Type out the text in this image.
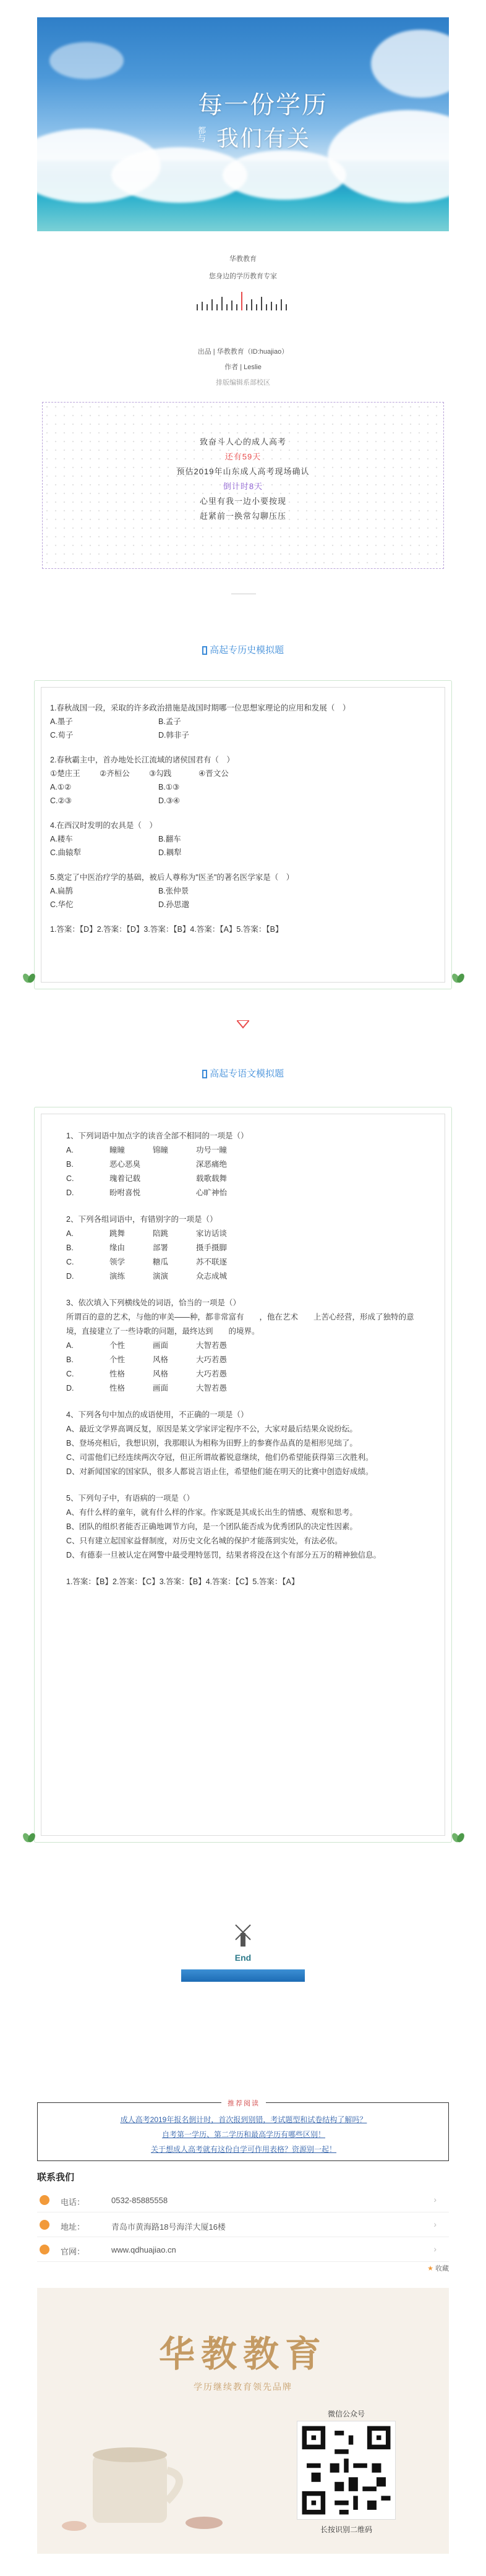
每一份学历
都与 我们有关
华教教育
您身边的学历教育专家
出品 | 华教教育（ID:huajiao）
作者 | Leslie
排版编辑系部校区
致奋斗人心的成人高考
还有59天
预估2019年山东成人高考现场确认
倒计时8天
心里有我一边小要按现
赶紧前一换常勾聊压压
高起专历史模拟题
1.春秋战国一段，采取的许多政治措施是战国时期哪一位思想家理论的应用和发展（　）
A.墨子	B.孟子
C.荀子	D.韩非子
2.春秋霸主中，首办地处长江流域的诸侯国君有（　）
①楚庄王	②齐桓公	③勾践	④晋文公
A.①②	B.①③
C.②③	D.③④
4.在西汉时发明的农具是（　）
A.耧车	B.翻车
C.曲辕犁	D.耦犁
5.奠定了中医治疗学的基础，被后人尊称为"医圣"的著名医学家是（　）
A.扁鹊	B.张仲景
C.华佗	D.孙思邈
1.答案：【D】2.答案：【D】3.答案：【B】4.答案：【A】5.答案：【B】
高起专语文模拟题
1、下列词语中加点字的读音全部不相同的一项是（）
A.	瞳瞳	锦瞳	功号一瞳
B.	恶心恶臭	深恶痛绝
C.	瑰着记载	载歌载舞
D.	盼咐喜悦	心旷神怡
2、下列各组词语中，有错别字的一项是（）
A.	跳舞	陪跳	家访话谈
B.	缘由	部署	摄手摄脚
C.	领学	糖瓜	苏不联逐
D.	演练	演演	众志成城
3、依次填入下列横线处的词语，恰当的一项是（）
所谓百的意的艺术，与他的审美——种，都非常富有　　，他在艺术　　上苦心经营，形成了独特的意境，直接建立了一些诗歌的问题，最终达到　　的境界。
A.	个性	画面	大智若愚
B.	个性	风格	大巧若愚
C.	性格	风格	大巧若愚
D.	性格	画面	大智若愚
4、下列各句中加点的成语使用，不正确的一项是（）
A、最近文学界高调反复，原因是某文学家评定程序不公，大家对最后结果众说纷纭。
B、登场亮相后，我想识别，我那眼认为相称为田野上的参赛作品真的是相形见绌了。
C、司雷他们已经连续两次夺冠，但正所谓故蓄锐意继续，他们仍希望能获得第三次胜利。
D、对新闻国家的国家队，很多人都说言语止住，希望他们能在明天的比赛中创造好成绩。
5、下列句子中，有语病的一项是（）
A、有什么样的童年，就有什么样的作家。作家既是其成长出生的情感、观察和思考。
B、团队的组织者能否正确地调节方向，是一个团队能否成为优秀团队的决定性因素。
C、只有建立起国家益督制度，对历史文化名城的保护才能落到实处，有法必依。
D、有德泰一旦被认定在网警中最受理特惩罚，结果者将没在这个有部分五万的精神独信息。
1.答案：【B】2.答案：【C】3.答案：【B】4.答案：【C】5.答案：【A】
End
推荐阅读
成人高考2019年报名倒计时，首次报到别错，考试题型和试卷结构了解吗？
自考第一学历、第二学历和最高学历有哪些区别！
关于想成人高考就有这份自学可作用表格？资源别一起！
联系我们
电话：	0532-85885558	›
地址：	青岛市黄海路18号海洋大厦16楼	›
官网：	www.qdhuajiao.cn	›
★ 收藏
华教教育
学历继续教育领先品牌
微信公众号
长按识别二维码
